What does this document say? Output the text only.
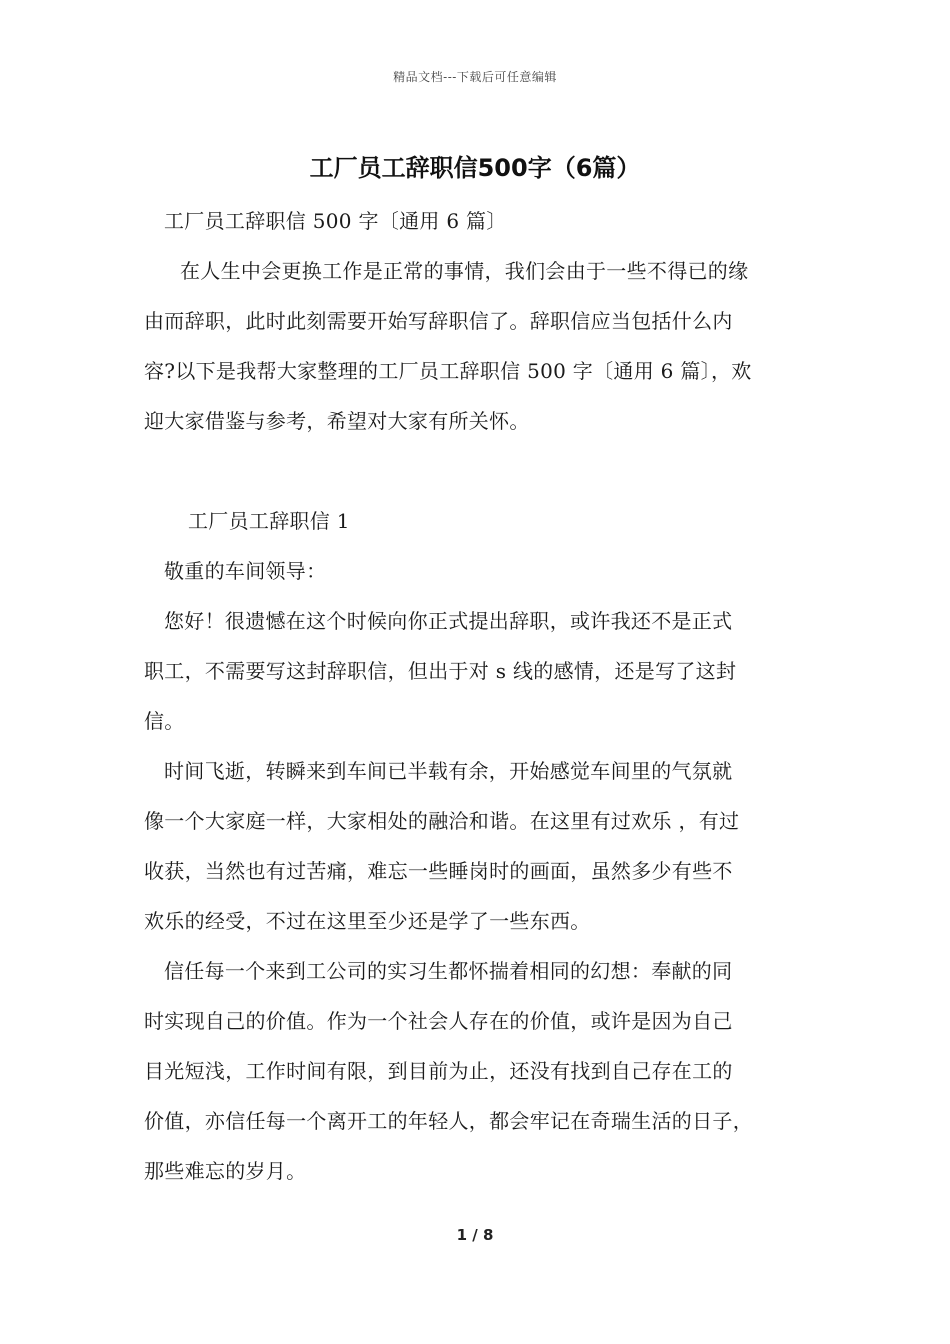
精品文档---下载后可任意编辑
工厂员工辞职信500字（6篇）
工厂员工辞职信 500 字〔通用 6 篇〕
在人生中会更换工作是正常的事情，我们会由于一些不得已的缘
由而辞职，此时此刻需要开始写辞职信了。辞职信应当包括什么内
容?以下是我帮大家整理的工厂员工辞职信 500 字〔通用 6 篇〕，欢
迎大家借鉴与参考，希望对大家有所关怀。
工厂员工辞职信 1
敬重的车间领导：
您好！很遗憾在这个时候向你正式提出辞职，或许我还不是正式
职工，不需要写这封辞职信，但出于对 s 线的感情，还是写了这封
信。
时间飞逝，转瞬来到车间已半载有余，开始感觉车间里的气氛就
像一个大家庭一样，大家相处的融洽和谐。在这里有过欢乐 ，有过
收获，当然也有过苦痛，难忘一些睡岗时的画面，虽然多少有些不
欢乐的经受，不过在这里至少还是学了一些东西。
信任每一个来到工公司的实习生都怀揣着相同的幻想：奉献的同
时实现自己的价值。作为一个社会人存在的价值，或许是因为自己
目光短浅，工作时间有限，到目前为止，还没有找到自己存在工的
价值，亦信任每一个离开工的年轻人，都会牢记在奇瑞生活的日子，
那些难忘的岁月。
1 / 8
